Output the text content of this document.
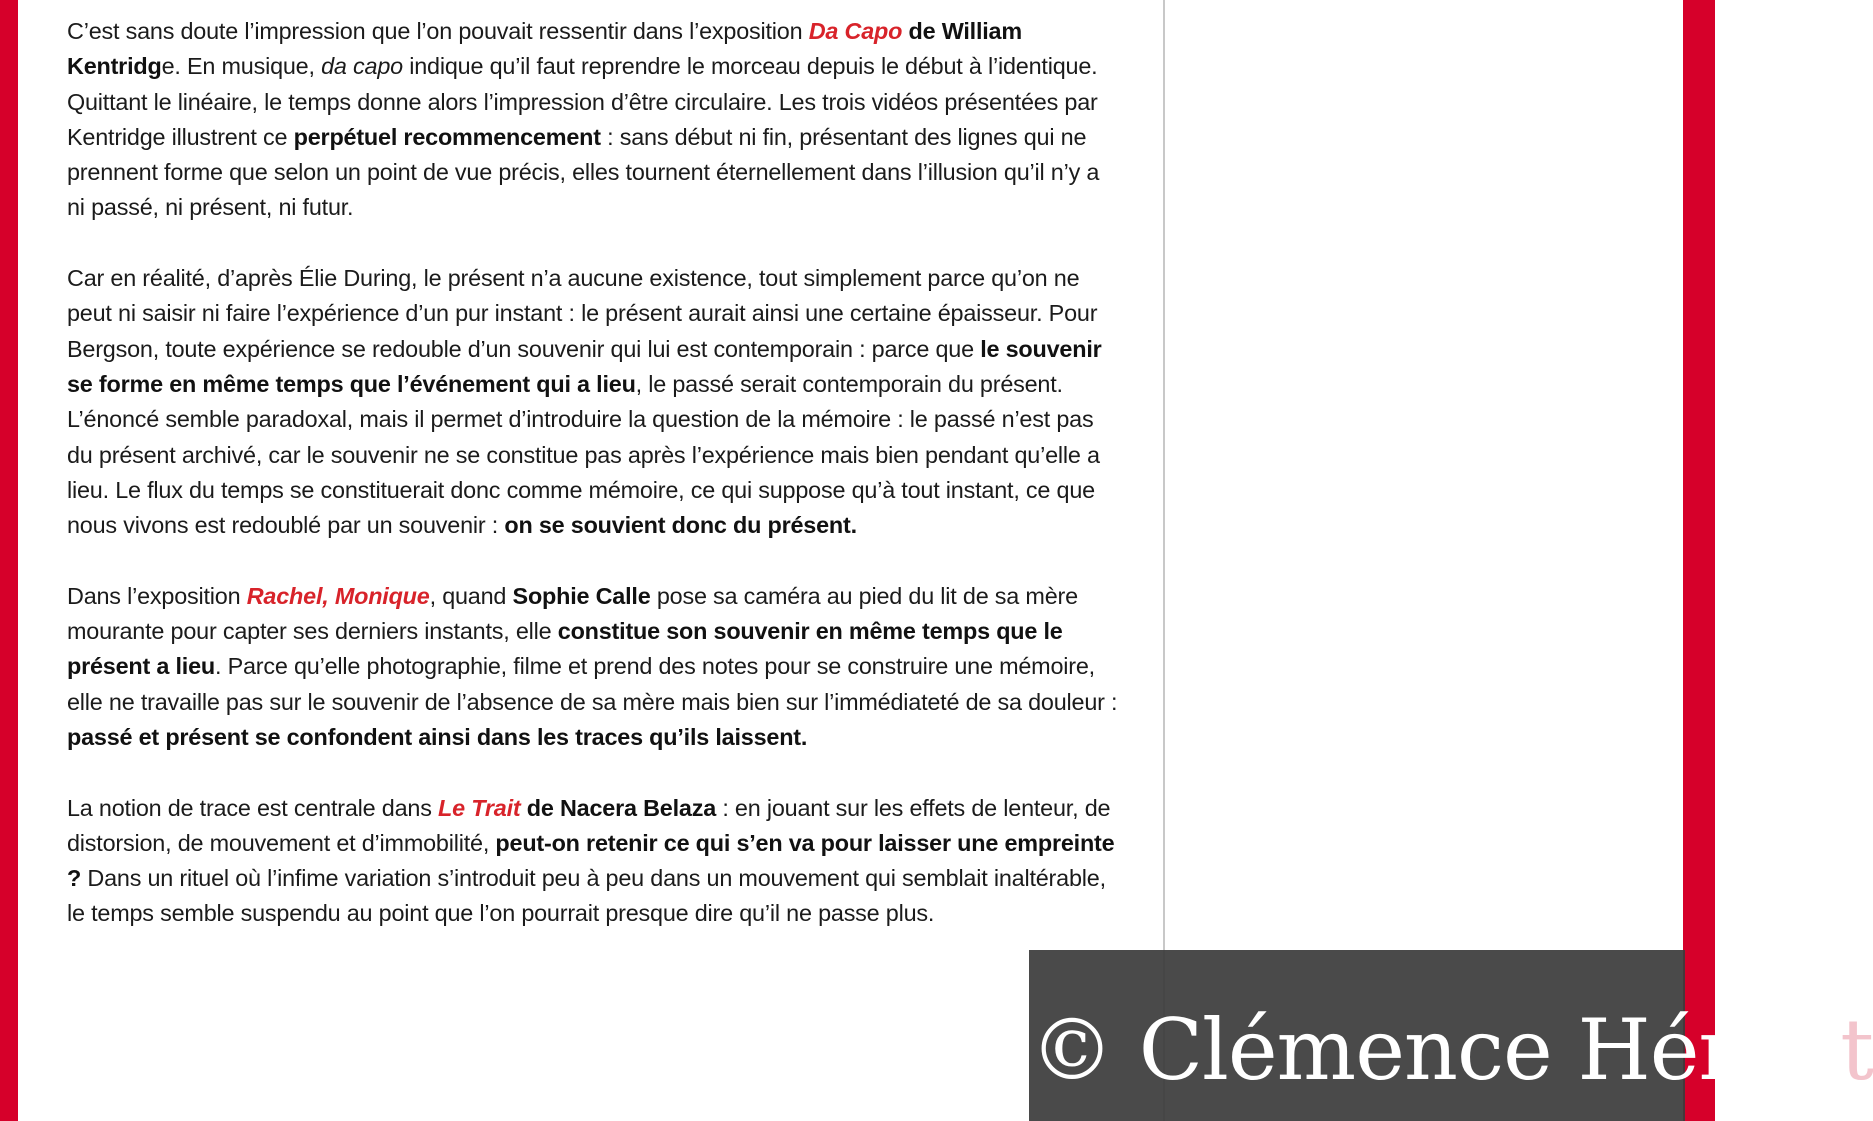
C’est sans doute l’impression que l’on pouvait ressentir dans l’exposition Da Capo de William Kentridge. En musique, da capo indique qu’il faut reprendre le morceau depuis le début à l’identique. Quittant le linéaire, le temps donne alors l’impression d’être circulaire. Les trois vidéos présentées par Kentridge illustrent ce perpétuel recommencement : sans début ni fin, présentant des lignes qui ne prennent forme que selon un point de vue précis, elles tournent éternellement dans l’illusion qu’il n’y a ni passé, ni présent, ni futur.

Car en réalité, d’après Élie During, le présent n’a aucune existence, tout simplement parce qu’on ne peut ni saisir ni faire l’expérience d’un pur instant : le présent aurait ainsi une certaine épaisseur. Pour Bergson, toute expérience se redouble d’un souvenir qui lui est contemporain : parce que le souvenir se forme en même temps que l’événement qui a lieu, le passé serait contemporain du présent. L’énoncé semble paradoxal, mais il permet d’introduire la question de la mémoire : le passé n’est pas du présent archivé, car le souvenir ne se constitue pas après l’expérience mais bien pendant qu’elle a lieu. Le flux du temps se constituerait donc comme mémoire, ce qui suppose qu’à tout instant, ce que nous vivons est redoublé par un souvenir : on se souvient donc du présent.

Dans l’exposition Rachel, Monique, quand Sophie Calle pose sa caméra au pied du lit de sa mère mourante pour capter ses derniers instants, elle constitue son souvenir en même temps que le présent a lieu. Parce qu’elle photographie, filme et prend des notes pour se construire une mémoire, elle ne travaille pas sur le souvenir de l’absence de sa mère mais bien sur l’immédiateté de sa douleur : passé et présent se confondent ainsi dans les traces qu’ils laissent.

La notion de trace est centrale dans Le Trait de Nacera Belaza : en jouant sur les effets de lenteur, de distorsion, de mouvement et d’immobilité, peut-on retenir ce qui s’en va pour laisser une empreinte ? Dans un rituel où l’infime variation s’introduit peu à peu dans un mouvement qui semblait inaltérable, le temps semble suspendu au point que l’on pourrait presque dire qu’il ne passe plus.

© Clémence Hérout
